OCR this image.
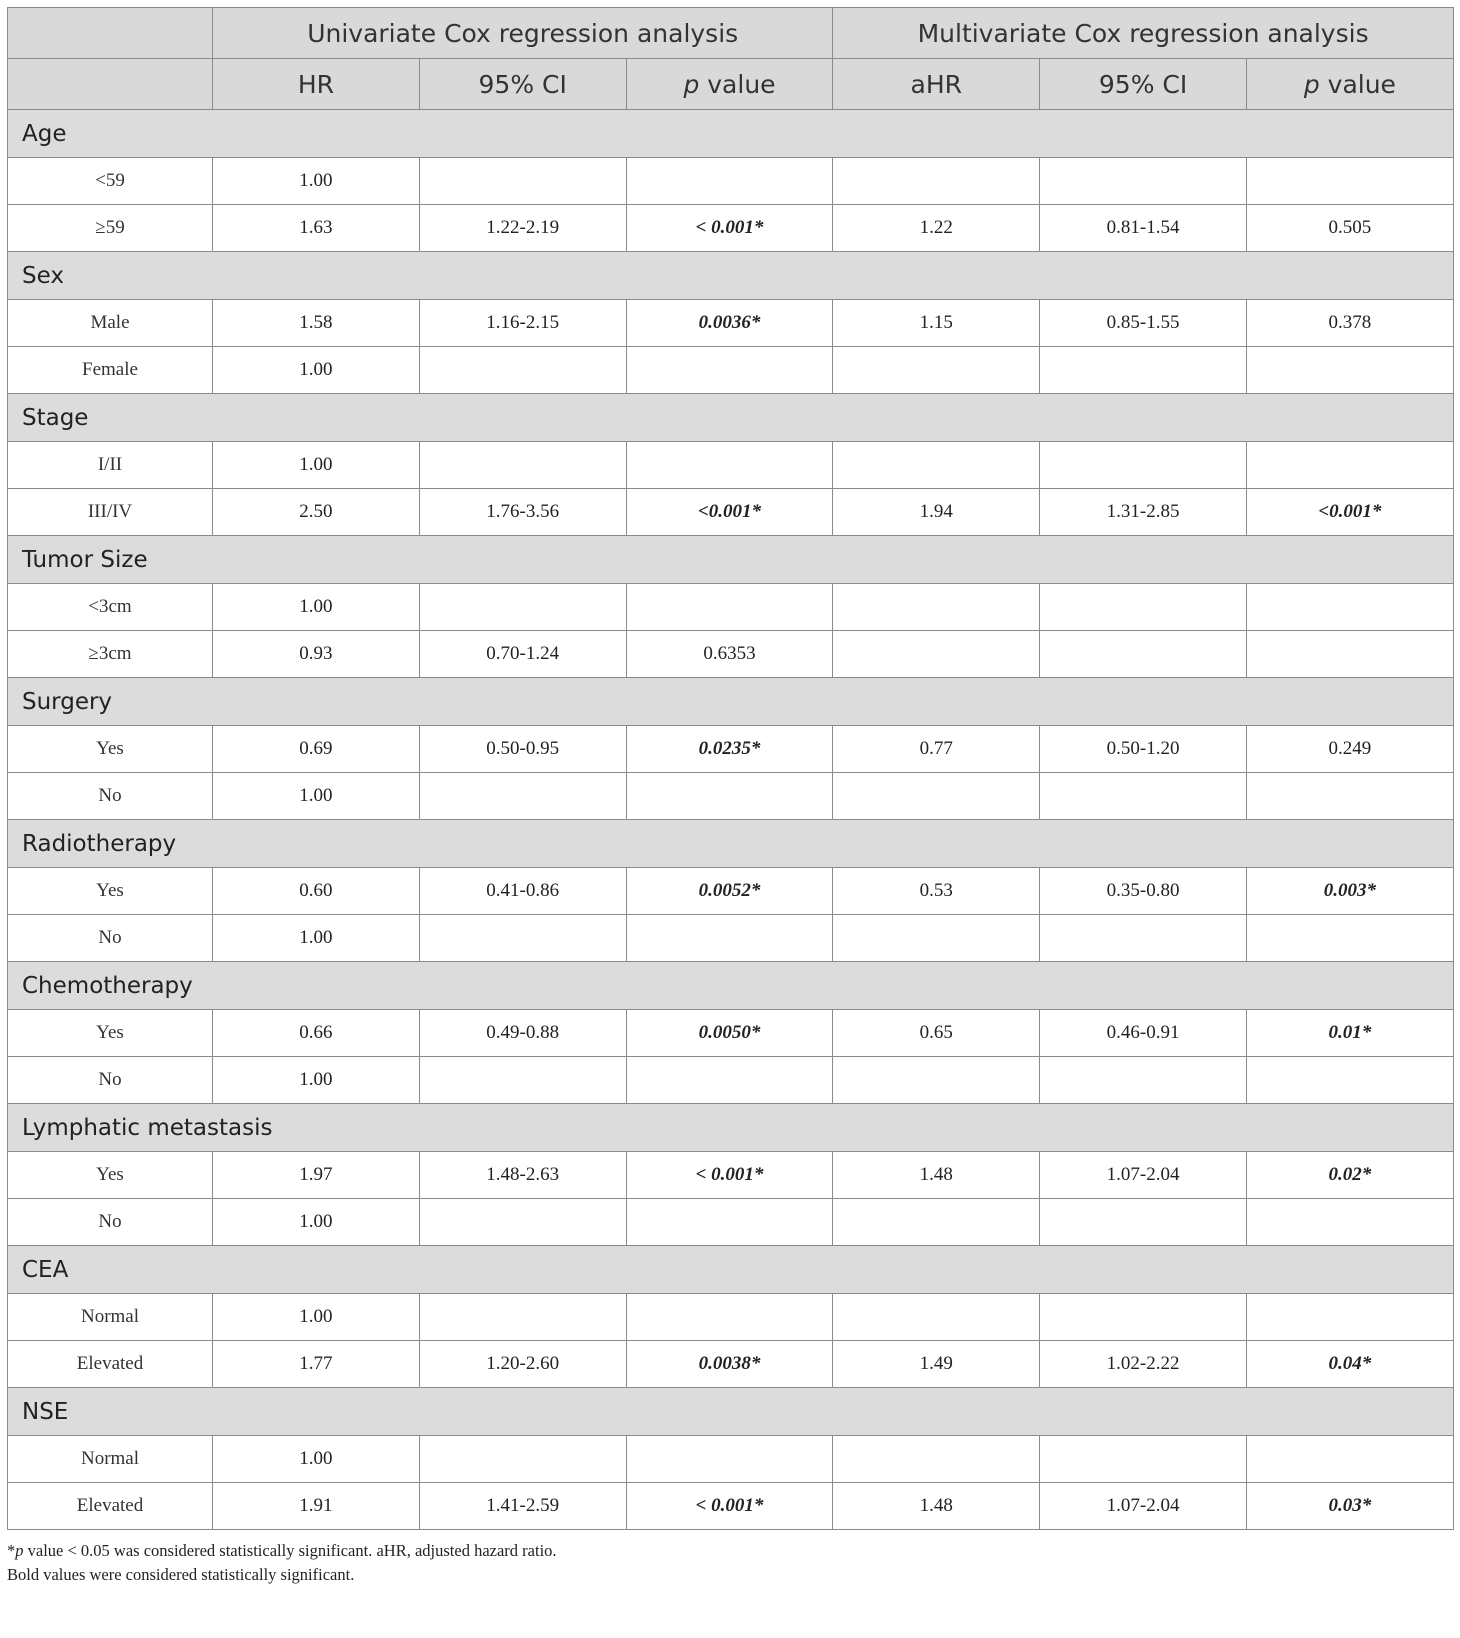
	Univariate Cox regression analysis			Multivariate Cox regression analysis		
	HR	95% CI	p value	aHR	95% CI	p value
Age						
<59	1.00					
≥59	1.63	1.22-2.19	< 0.001*	1.22	0.81-1.54	0.505
Sex						
Male	1.58	1.16-2.15	0.0036*	1.15	0.85-1.55	0.378
Female	1.00					
Stage						
I/II	1.00					
III/IV	2.50	1.76-3.56	<0.001*	1.94	1.31-2.85	<0.001*
Tumor Size						
<3cm	1.00					
≥3cm	0.93	0.70-1.24	0.6353			
Surgery						
Yes	0.69	0.50-0.95	0.0235*	0.77	0.50-1.20	0.249
No	1.00					
Radiotherapy						
Yes	0.60	0.41-0.86	0.0052*	0.53	0.35-0.80	0.003*
No	1.00					
Chemotherapy						
Yes	0.66	0.49-0.88	0.0050*	0.65	0.46-0.91	0.01*
No	1.00					
Lymphatic metastasis						
Yes	1.97	1.48-2.63	< 0.001*	1.48	1.07-2.04	0.02*
No	1.00					
CEA						
Normal	1.00					
Elevated	1.77	1.20-2.60	0.0038*	1.49	1.02-2.22	0.04*
NSE						
Normal	1.00					
Elevated	1.91	1.41-2.59	< 0.001*	1.48	1.07-2.04	0.03*
*p value < 0.05 was considered statistically significant. aHR, adjusted hazard ratio.
Bold values were considered statistically significant.
